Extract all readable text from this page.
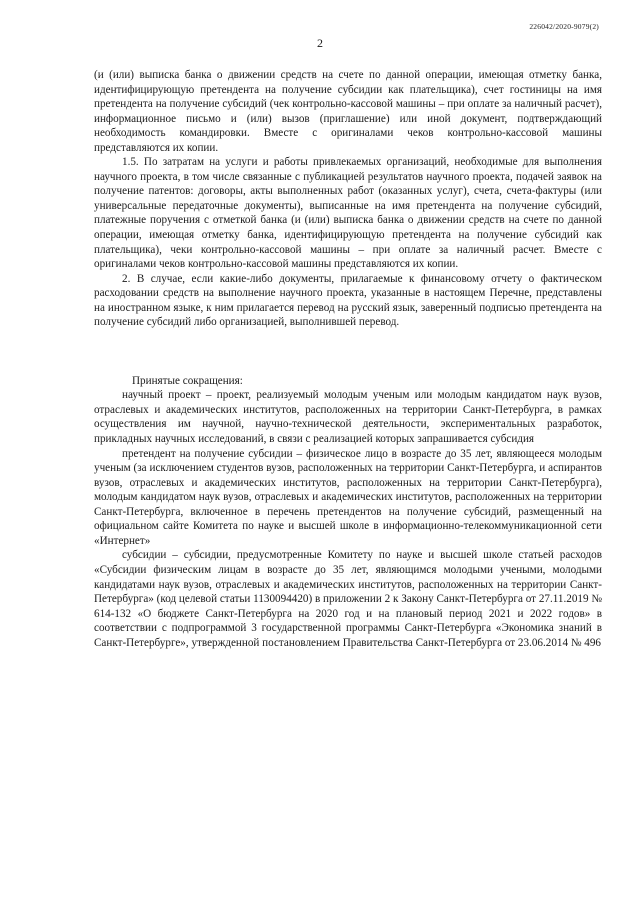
226042/2020-9079(2)
2

(и (или) выписка банка о движении средств на счете по данной операции, имеющая отметку банка, идентифицирующую претендента на получение субсидии как плательщика), счет гостиницы на имя претендента на получение субсидий (чек контрольно-кассовой машины – при оплате за наличный расчет), информационное письмо и (или) вызов (приглашение) или иной документ, подтверждающий необходимость командировки. Вместе с оригиналами чеков контрольно-кассовой машины представляются их копии.

1.5. По затратам на услуги и работы привлекаемых организаций, необходимые для выполнения научного проекта, в том числе связанные с публикацией результатов научного проекта, подачей заявок на получение патентов: договоры, акты выполненных работ (оказанных услуг), счета, счета-фактуры (или универсальные передаточные документы), выписанные на имя претендента на получение субсидий, платежные поручения с отметкой банка (и (или) выписка банка о движении средств на счете по данной операции, имеющая отметку банка, идентифицирующую претендента на получение субсидий как плательщика), чеки контрольно-кассовой машины – при оплате за наличный расчет. Вместе с оригиналами чеков контрольно-кассовой машины представляются их копии.

2. В случае, если какие-либо документы, прилагаемые к финансовому отчету о фактическом расходовании средств на выполнение научного проекта, указанные в настоящем Перечне, представлены на иностранном языке, к ним прилагается перевод на русский язык, заверенный подписью претендента на получение субсидий либо организацией, выполнившей перевод.

Принятые сокращения:

научный проект – проект, реализуемый молодым ученым или молодым кандидатом наук вузов, отраслевых и академических институтов, расположенных на территории Санкт-Петербурга, в рамках осуществления им научной, научно-технической деятельности, экспериментальных разработок, прикладных научных исследований, в связи с реализацией которых запрашивается субсидия

претендент на получение субсидии – физическое лицо в возрасте до 35 лет, являющееся молодым ученым (за исключением студентов вузов, расположенных на территории Санкт-Петербурга, и аспирантов вузов, отраслевых и академических институтов, расположенных на территории Санкт-Петербурга), молодым кандидатом наук вузов, отраслевых и академических институтов, расположенных на территории Санкт-Петербурга, включенное в перечень претендентов на получение субсидий, размещенный на официальном сайте Комитета по науке и высшей школе в информационно-телекоммуникационной сети «Интернет»

субсидии – субсидии, предусмотренные Комитету по науке и высшей школе статьей расходов «Субсидии физическим лицам в возрасте до 35 лет, являющимся молодыми учеными, молодыми кандидатами наук вузов, отраслевых и академических институтов, расположенных на территории Санкт-Петербурга» (код целевой статьи 1130094420) в приложении 2 к Закону Санкт-Петербурга от 27.11.2019 № 614-132 «О бюджете Санкт-Петербурга на 2020 год и на плановый период 2021 и 2022 годов» в соответствии с подпрограммой 3 государственной программы Санкт-Петербурга «Экономика знаний в Санкт-Петербурге», утвержденной постановлением Правительства Санкт-Петербурга от 23.06.2014 № 496
